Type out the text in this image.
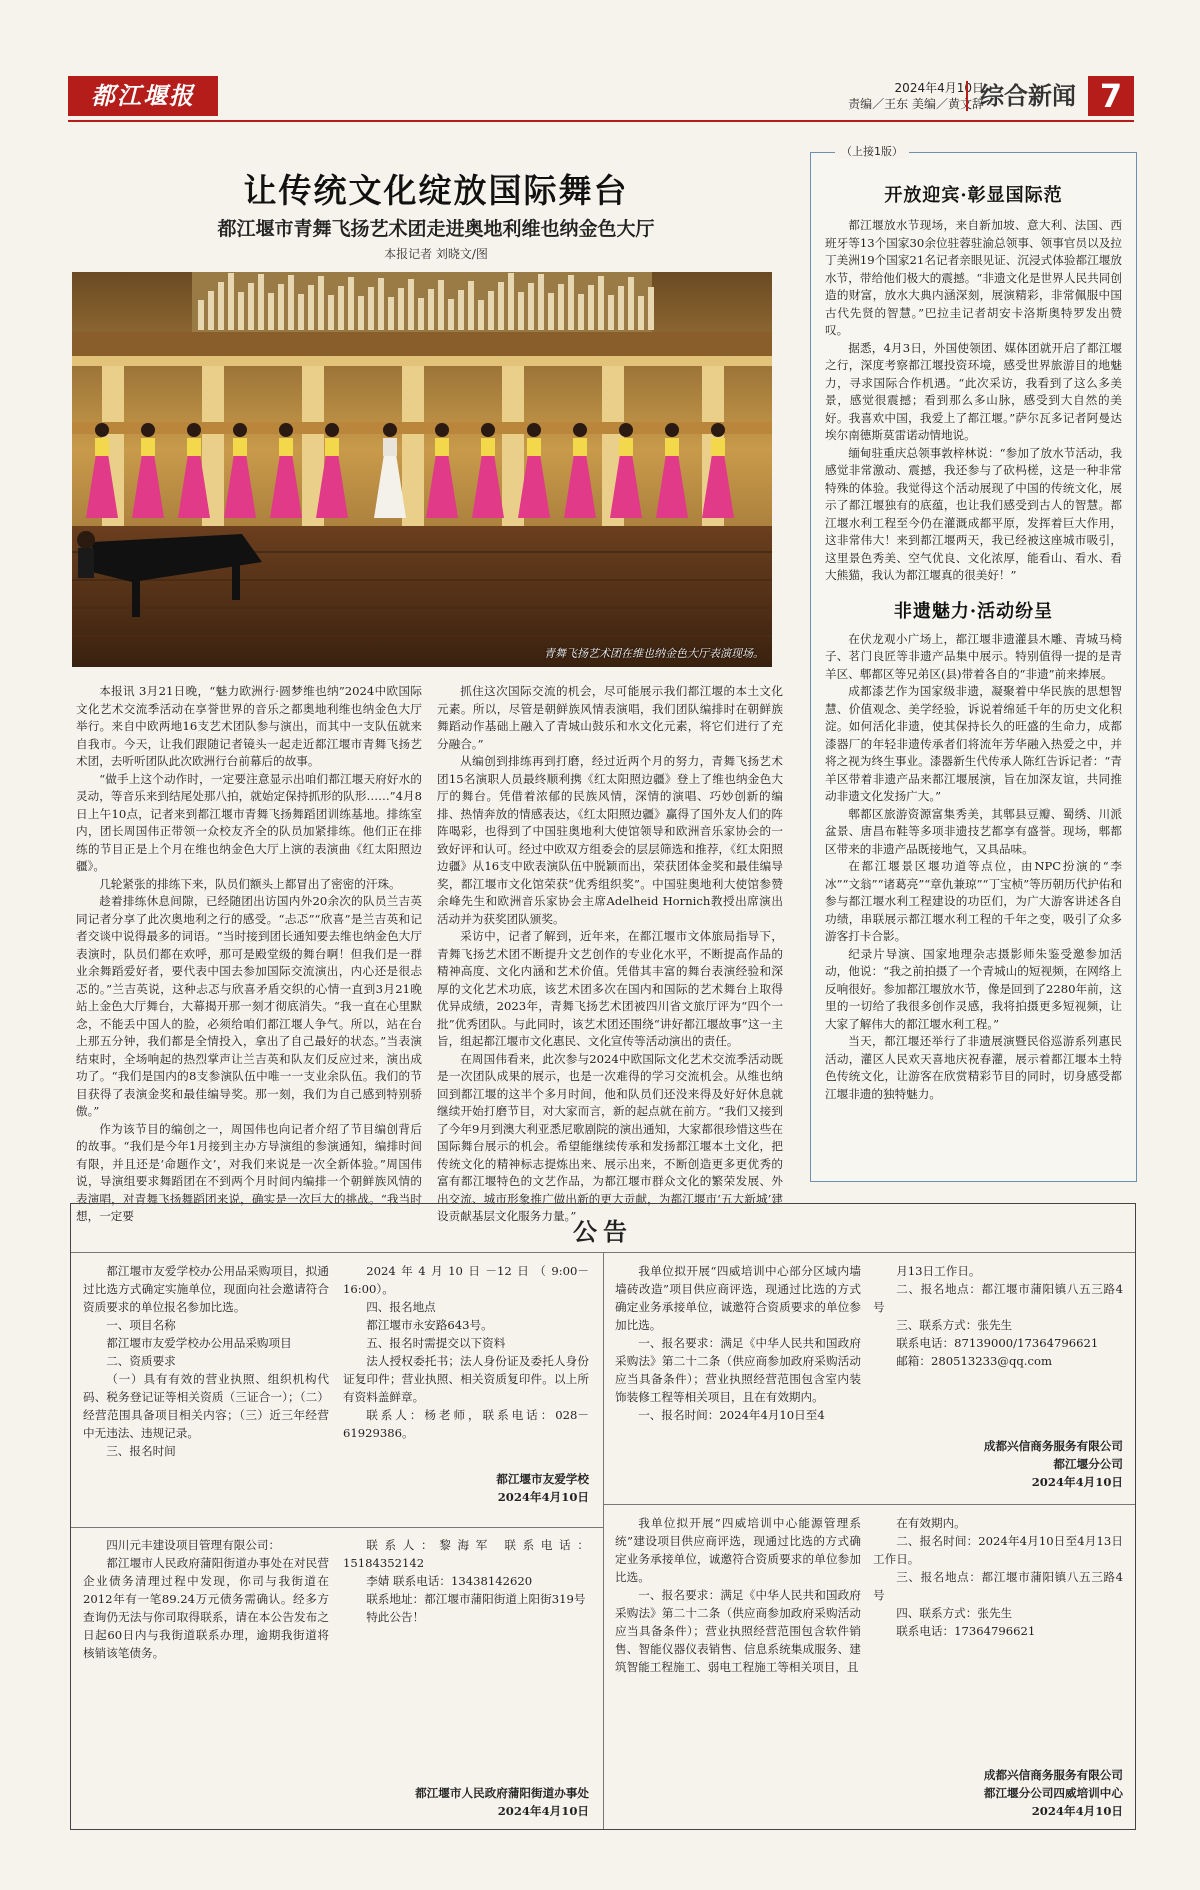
都江堰报	2024年4月10日
责编／王东 美编／黄文辞
综合新闻 7
让传统文化绽放国际舞台
都江堰市青舞飞扬艺术团走进奥地利维也纳金色大厅
本报记者 刘晓文/图
青舞飞扬艺术团在维也纳金色大厅表演现场。

本报讯 3月21日晚，“魅力欧洲行·圆梦维也纳”2024中欧国际文化艺术交流季活动在享誉世界的音乐之都奥地利维也纳金色大厅举行。来自中欧两地16支艺术团队参与演出，而其中一支队伍就来自我市。今天，让我们跟随记者镜头一起走近都江堰市青舞飞扬艺术团，去听听团队此次欧洲行台前幕后的故事。

“做手上这个动作时，一定要注意显示出咱们都江堰天府好水的灵动，等音乐来到结尾处那八拍，就始定保持抓形的队形……”4月8日上午10点，记者来到都江堰市青舞飞扬舞蹈团训练基地。排练室内，团长周国伟正带领一众校友齐全的队员加紧排练。他们正在排练的节目正是上个月在维也纳金色大厅上演的表演曲《红太阳照边疆》。

几轮紧张的排练下来，队员们额头上都冒出了密密的汗珠。

趁着排练休息间隙，已经随团出访国内外20余次的队员兰吉英同记者分享了此次奥地利之行的感受。“忐忑”“欣喜”是兰吉英和记者交谈中说得最多的词语。“当时接到团长通知要去维也纳金色大厅表演时，队员们都在欢呼，那可是殿堂级的舞台啊！但我们是一群业余舞蹈爱好者，要代表中国去参加国际交流演出，内心还是很忐忑的。”兰吉英说，这种忐忑与欣喜矛盾交织的心情一直到3月21晚站上金色大厅舞台，大幕揭开那一刻才彻底消失。“我一直在心里默念，不能丢中国人的脸，必须给咱们都江堰人争气。所以，站在台上那五分钟，我们都是全情投入，拿出了自己最好的状态。”当表演结束时，全场响起的热烈掌声让兰吉英和队友们反应过来，演出成功了。“我们是国内的8支参演队伍中唯一一支业余队伍。我们的节目获得了表演金奖和最佳编导奖。那一刻，我们为自己感到特别骄傲。”

作为该节目的编创之一，周国伟也向记者介绍了节目编创背后的故事。“我们是今年1月接到主办方导演组的参演通知，编排时间有限，并且还是‘命题作文’，对我们来说是一次全新体验。”周国伟说，导演组要求舞蹈团在不到两个月时间内编排一个朝鲜族风情的表演唱，对青舞飞扬舞蹈团来说，确实是一次巨大的挑战。“我当时想，一定要

抓住这次国际交流的机会，尽可能展示我们都江堰的本土文化元素。所以，尽管是朝鲜族风情表演唱，我们团队编排时在朝鲜族舞蹈动作基础上融入了青城山鼓乐和水文化元素，将它们进行了充分融合。”

从编创到排练再到打磨，经过近两个月的努力，青舞飞扬艺术团15名演职人员最终顺利携《红太阳照边疆》登上了维也纳金色大厅的舞台。凭借着浓郁的民族风情，深情的演唱、巧妙创新的编排、热情奔放的情感表达，《红太阳照边疆》赢得了国外友人们的阵阵喝彩，也得到了中国驻奥地利大使馆领导和欧洲音乐家协会的一致好评和认可。经过中欧双方组委会的层层筛选和推荐，《红太阳照边疆》从16支中欧表演队伍中脱颖而出，荣获团体金奖和最佳编导奖，都江堰市文化馆荣获“优秀组织奖”。中国驻奥地利大使馆参赞余峰先生和欧洲音乐家协会主席Adelheid Hornich教授出席演出活动并为获奖团队颁奖。

采访中，记者了解到，近年来，在都江堰市文体旅局指导下，青舞飞扬艺术团不断提升文艺创作的专业化水平，不断提高作品的精神高度、文化内涵和艺术价值。凭借其丰富的舞台表演经验和深厚的文化艺术功底，该艺术团多次在国内和国际的艺术舞台上取得优异成绩，2023年，青舞飞扬艺术团被四川省文旅厅评为“四个一批”优秀团队。与此同时，该艺术团还围绕“讲好都江堰故事”这一主旨，组起都江堰市文化惠民、文化宣传等活动演出的责任。

在周国伟看来，此次参与2024中欧国际文化艺术交流季活动既是一次团队成果的展示，也是一次难得的学习交流机会。从维也纳回到都江堰的这半个多月时间，他和队员们还没来得及好好休息就继续开始打磨节目，对大家而言，新的起点就在前方。“我们又接到了今年9月到澳大利亚悉尼歌剧院的演出通知，大家都很珍惜这些在国际舞台展示的机会。希望能继续传承和发扬都江堰本土文化，把传统文化的精神标志提炼出来、展示出来，不断创造更多更优秀的富有都江堰特色的文艺作品，为都江堰市群众文化的繁荣发展、外出交流、城市形象推广做出新的更大贡献，为都江堰市‘五大新城’建设贡献基层文化服务力量。”

（上接1版）
开放迎宾·彰显国际范

都江堰放水节现场，来自新加坡、意大利、法国、西班牙等13个国家30余位驻蓉驻渝总领事、领事官员以及拉丁美洲19个国家21名记者亲眼见证、沉浸式体验都江堰放水节，带给他们极大的震撼。“非遗文化是世界人民共同创造的财富，放水大典内涵深刻，展演精彩，非常佩服中国古代先贤的智慧。”巴拉圭记者胡安卡洛斯奥特罗发出赞叹。

据悉，4月3日，外国使领团、媒体团就开启了都江堰之行，深度考察都江堰投资环境，感受世界旅游目的地魅力，寻求国际合作机遇。“此次采访，我看到了这么多美景，感觉很震撼；看到那么多山脉，感受到大自然的美好。我喜欢中国，我爱上了都江堰。”萨尔瓦多记者阿曼达埃尔南德斯莫雷诺动情地说。

缅甸驻重庆总领事敦梓林说：“参加了放水节活动，我感觉非常激动、震撼，我还参与了砍杩槎，这是一种非常特殊的体验。我觉得这个活动展现了中国的传统文化，展示了都江堰独有的底蕴，也让我们感受到古人的智慧。都江堰水利工程至今仍在灌溉成都平原，发挥着巨大作用，这非常伟大！来到都江堰两天，我已经被这座城市吸引，这里景色秀美、空气优良、文化浓厚，能看山、看水、看大熊猫，我认为都江堰真的很美好！”

非遗魅力·活动纷呈

在伏龙观小广场上，都江堰非遗灌县木雕、青城马椅子、茗门良匠等非遗产品集中展示。特别值得一提的是青羊区、郫都区等兄弟区(县)带着各自的“非遗”前来捧展。

成都漆艺作为国家级非遗，凝聚着中华民族的思想智慧、价值观念、美学经验，诉说着绵延千年的历史文化积淀。如何活化非遗，使其保持长久的旺盛的生命力，成都漆器厂的年轻非遗传承者们将流年芳华融入热爱之中，并将之视为终生事业。漆器新生代传承人陈红告诉记者：“青羊区带着非遗产品来都江堰展演，旨在加深友谊，共同推动非遗文化发扬广大。”

郫都区旅游资源富集秀美，其郫县豆瓣、蜀绣、川派盆景、唐昌布鞋等多项非遗技艺都享有盛誉。现场，郫都区带来的非遗产品既接地气，又具品味。

在都江堰景区堰功道等点位，由NPC扮演的“李冰”“文翁”“诸葛亮”“章仇兼琼”“丁宝桢”等历朝历代护佑和参与都江堰水利工程建设的功臣们，为广大游客讲述各自功绩，串联展示都江堰水利工程的千年之变，吸引了众多游客打卡合影。

纪录片导演、国家地理杂志摄影师朱鉴受邀参加活动，他说：“我之前拍摄了一个青城山的短视频，在网络上反响很好。参加都江堰放水节，像是回到了2280年前，这里的一切给了我很多创作灵感，我将拍摄更多短视频，让大家了解伟大的都江堰水利工程。”

当天，都江堰还举行了非遗展演暨民俗巡游系列惠民活动，灌区人民欢天喜地庆祝春灌，展示着都江堰本土特色传统文化，让游客在欣赏精彩节目的同时，切身感受都江堰非遗的独特魅力。

公告

都江堰市友爱学校办公用品采购项目，拟通过比选方式确定实施单位，现面向社会邀请符合资质要求的单位报名参加比选。

一、项目名称

都江堰市友爱学校办公用品采购项目

二、资质要求

（一）具有有效的营业执照、组织机构代码、税务登记证等相关资质（三证合一）；（二）经营范围具备项目相关内容；（三）近三年经营中无违法、违规记录。

三、报名时间

2024年4月10日－12日（9:00－16:00）。

四、报名地点

都江堰市永安路643号。

五、报名时需提交以下资料

法人授权委托书；法人身份证及委托人身份证复印件；营业执照、相关资质复印件。以上所有资料盖鲜章。

联系人：杨老师，联系电话：028－61929386。

都江堰市友爱学校

2024年4月10日

四川元丰建设项目管理有限公司：

都江堰市人民政府蒲阳街道办事处在对民营企业债务清理过程中发现，你司与我街道在2012年有一笔89.24万元债务需确认。经多方查询仍无法与你司取得联系，请在本公告发布之日起60日内与我街道联系办理，逾期我街道将核销该笔债务。

联系人：黎海军 联系电话：15184352142

李婧 联系电话：13438142620

联系地址：都江堰市蒲阳街道上阳街319号

特此公告！

都江堰市人民政府蒲阳街道办事处

2024年4月10日

我单位拟开展“四威培训中心部分区域内墙墙砖改造”项目供应商评选，现通过比选的方式确定业务承接单位，诚邀符合资质要求的单位参加比选。

一、报名要求：满足《中华人民共和国政府采购法》第二十二条（供应商参加政府采购活动应当具备条件）；营业执照经营范围包含室内装饰装修工程等相关项目，且在有效期内。

一、报名时间：2024年4月10日至4

月13日工作日。

二、报名地点：都江堰市蒲阳镇八五三路4号

三、联系方式：张先生

联系电话：87139000/17364796621

邮箱：280513233@qq.com

成都兴信商务服务有限公司

都江堰分公司

2024年4月10日

我单位拟开展“四威培训中心能源管理系统”建设项目供应商评选，现通过比选的方式确定业务承接单位，诚邀符合资质要求的单位参加比选。

一、报名要求：满足《中华人民共和国政府采购法》第二十二条（供应商参加政府采购活动应当具备条件）；营业执照经营范围包含软件销售、智能仪器仪表销售、信息系统集成服务、建筑智能工程施工、弱电工程施工等相关项目，且

在有效期内。

二、报名时间：2024年4月10日至4月13日工作日。

三、报名地点：都江堰市蒲阳镇八五三路4号

四、联系方式：张先生

联系电话：17364796621

成都兴信商务服务有限公司

都江堰分公司四威培训中心

2024年4月10日
